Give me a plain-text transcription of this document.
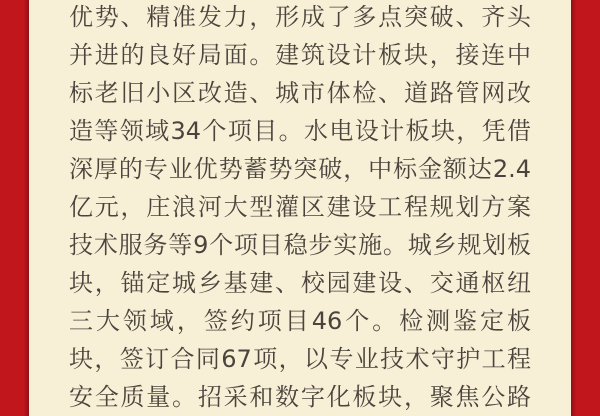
优势、精准发力，形成了多点突破、齐头
并进的良好局面。建筑设计板块，接连中
标老旧小区改造、城市体检、道路管网改
造等领域34个项目。水电设计板块，凭借
深厚的专业优势蓄势突破，中标金额达2.4
亿元，庄浪河大型灌区建设工程规划方案
技术服务等9个项目稳步实施。城乡规划板
块，锚定城乡基建、校园建设、交通枢纽
三大领域，签约项目46个。检测鉴定板
块，签订合同67项，以专业技术守护工程
安全质量。招采和数字化板块，聚焦公路
